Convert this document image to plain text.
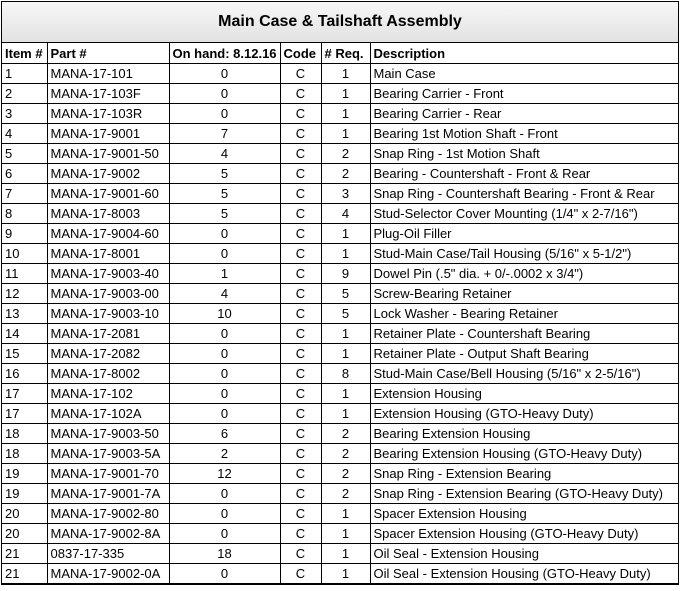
Main Case & Tailshaft Assembly
Item #	Part #	On hand: 8.12.16	Code	# Req.	Description
1	MANA-17-101	0	C	1	Main Case
2	MANA-17-103F	0	C	1	Bearing Carrier - Front
3	MANA-17-103R	0	C	1	Bearing Carrier - Rear
4	MANA-17-9001	7	C	1	Bearing 1st Motion Shaft - Front
5	MANA-17-9001-50	4	C	2	Snap Ring - 1st Motion Shaft
6	MANA-17-9002	5	C	2	Bearing - Countershaft - Front & Rear
7	MANA-17-9001-60	5	C	3	Snap Ring - Countershaft Bearing - Front & Rear
8	MANA-17-8003	5	C	4	Stud-Selector Cover Mounting (1/4" x 2-7/16")
9	MANA-17-9004-60	0	C	1	Plug-Oil Filler
10	MANA-17-8001	0	C	1	Stud-Main Case/Tail Housing (5/16" x 5-1/2")
11	MANA-17-9003-40	1	C	9	Dowel Pin (.5" dia. + 0/-.0002 x 3/4")
12	MANA-17-9003-00	4	C	5	Screw-Bearing Retainer
13	MANA-17-9003-10	10	C	5	Lock Washer - Bearing Retainer
14	MANA-17-2081	0	C	1	Retainer Plate - Countershaft Bearing
15	MANA-17-2082	0	C	1	Retainer Plate - Output Shaft Bearing
16	MANA-17-8002	0	C	8	Stud-Main Case/Bell Housing (5/16" x 2-5/16")
17	MANA-17-102	0	C	1	Extension Housing
17	MANA-17-102A	0	C	1	Extension Housing (GTO-Heavy Duty)
18	MANA-17-9003-50	6	C	2	Bearing Extension Housing
18	MANA-17-9003-5A	2	C	2	Bearing Extension Housing (GTO-Heavy Duty)
19	MANA-17-9001-70	12	C	2	Snap Ring - Extension Bearing
19	MANA-17-9001-7A	0	C	2	Snap Ring - Extension Bearing (GTO-Heavy Duty)
20	MANA-17-9002-80	0	C	1	Spacer Extension Housing
20	MANA-17-9002-8A	0	C	1	Spacer Extension Housing (GTO-Heavy Duty)
21	0837-17-335	18	C	1	Oil Seal - Extension Housing
21	MANA-17-9002-0A	0	C	1	Oil Seal - Extension Housing (GTO-Heavy Duty)
